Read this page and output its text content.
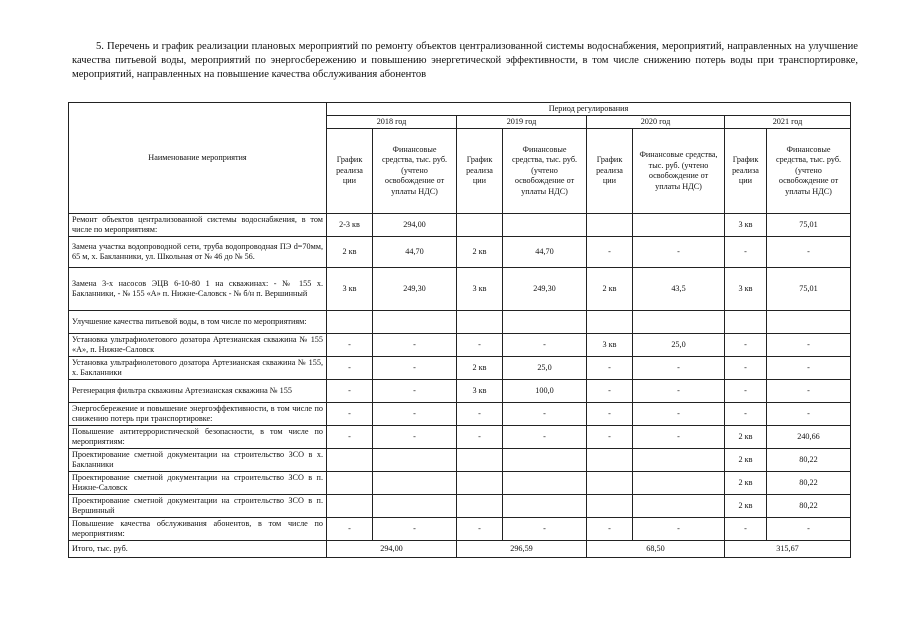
5. Перечень и график реализации плановых мероприятий по ремонту объектов централизованной системы водоснабжения, мероприятий, направленных на улучшение качества питьевой воды, мероприятий по энергосбережению и повышению энергетической эффективности, в том числе снижению потерь воды при транспортировке, мероприятий, направленных на повышение качества обслуживания абонентов
Наименование мероприятия	Период регулирования							
	2018 год		2019 год		2020 год		2021 год	
	График реализа ции	Финансовые средства, тыс. руб. (учтено освобождение от уплаты НДС)	График реализа ции	Финансовые средства, тыс. руб. (учтено освобождение от уплаты НДС)	График реализа ции	Финансовые средства, тыс. руб. (учтено освобождение от уплаты НДС)	График реализа ции	Финансовые средства, тыс. руб. (учтено освобождение от уплаты НДС)
Ремонт объектов централизованной системы водоснабжения, в том числе по мероприятиям:	2-3 кв	294,00					3 кв	75,01
Замена участка водопроводной сети, труба водопроводная ПЭ d=70мм, 65 м, х. Бакланники, ул. Школьная от № 46 до № 56.	2 кв	44,70	2 кв	44,70	-	-	-	-
Замена 3-х насосов ЭЦВ 6-10-80 1 на скважинах: - № 155 х. Бакланники, - № 155 «А» п. Нижне-Саловск - № б/н п. Вершинный	3 кв	249,30	3 кв	249,30	2 кв	43,5	3 кв	75,01
Улучшение качества питьевой воды, в том числе по мероприятиям:								
Установка ультрафиолетового дозатора Артезианская скважина № 155 «А», п. Нижне-Саловск	-	-	-	-	3 кв	25,0	-	-
Установка ультрафиолетового дозатора Артезианская скважина № 155, х. Бакланники	-	-	2 кв	25,0	-	-	-	-
Регенерация фильтра скважины Артезианская скважина № 155	-	-	3 кв	100,0	-	-	-	-
Энергосбережение и повышение энергоэффективности, в том числе по снижению потерь при транспортировке:	-	-	-	-	-	-	-	-
Повышение антитеррористической безопасности, в том числе по мероприятиям:	-	-	-	-	-	-	2 кв	240,66
Проектирование сметной документации на строительство ЗСО в х. Бакланники							2 кв	80,22
Проектирование сметной документации на строительство ЗСО в п. Нижне-Саловск							2 кв	80,22
Проектирование сметной документации на строительство ЗСО в п. Вершинный							2 кв	80,22
Повышение качества обслуживания абонентов, в том числе по мероприятиям:	-	-	-	-	-	-	-	-
Итого, тыс. руб.	294,00		296,59		68,50		315,67	
